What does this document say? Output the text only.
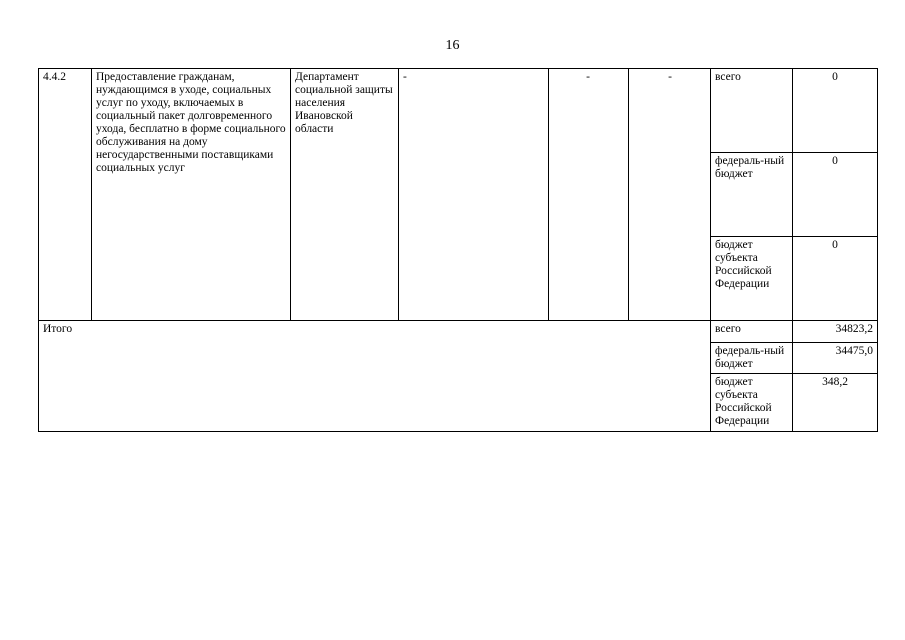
16
4.4.2	Предоставление гражданам, нуждающимся в уходе, социальных услуг по уходу, включаемых в социальный пакет долговременного ухода, бесплатно в форме социального обслуживания на дому негосударственными поставщиками социальных услуг	Департамент социальной защиты населения Ивановской области	-	-	-	всего	0
						федераль-ный бюджет	0
						бюджет субъекта Российской Федерации	0
Итого						всего	34823,2
						федераль-ный бюджет	34475,0
						бюджет субъекта Российской Федерации	348,2
